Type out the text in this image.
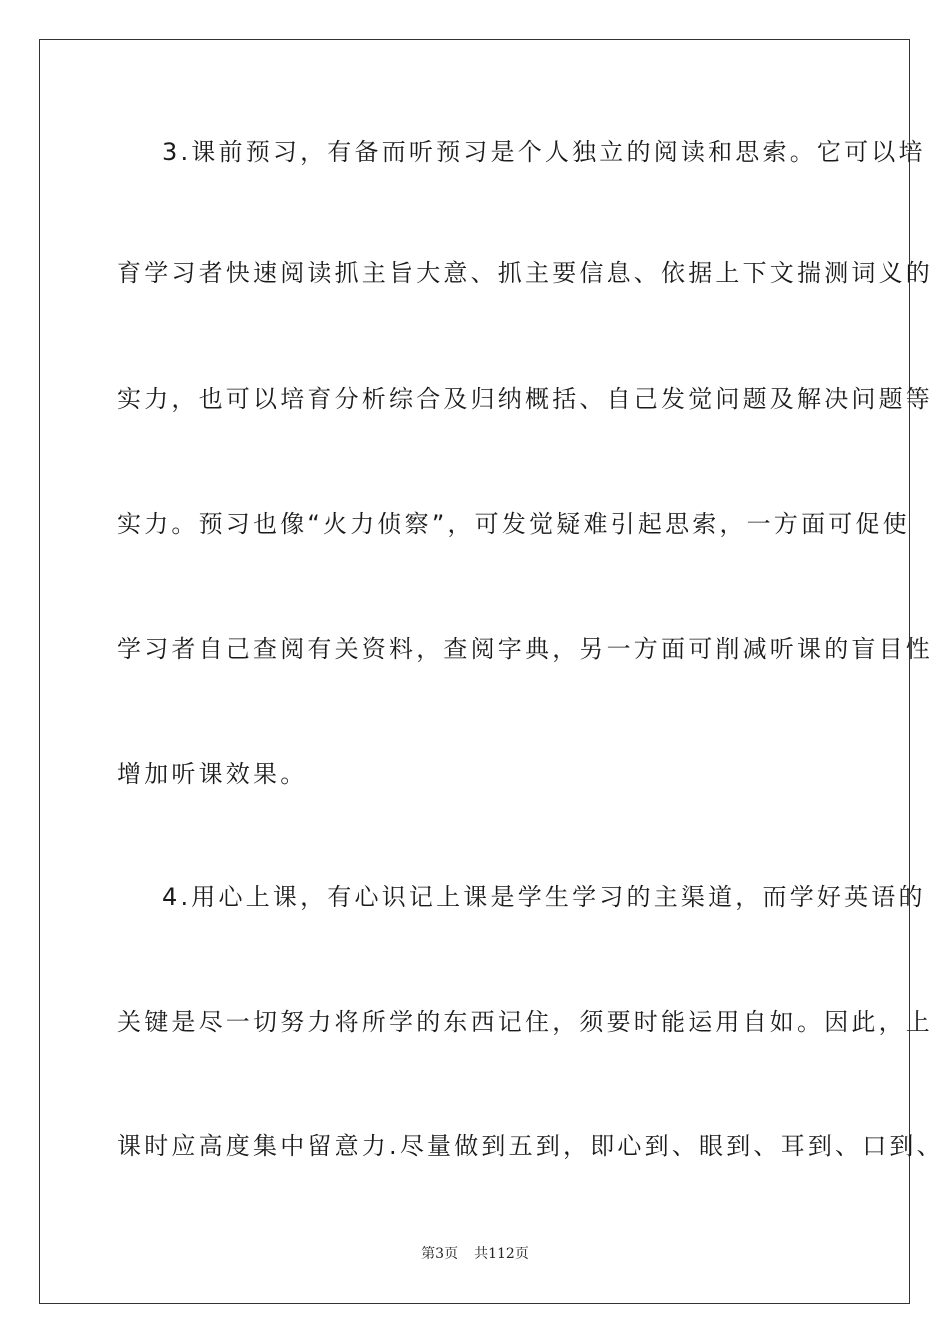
3.课前预习，有备而听预习是个人独立的阅读和思索。它可以培
育学习者快速阅读抓主旨大意、抓主要信息、依据上下文揣测词义的
实力，也可以培育分析综合及归纳概括、自己发觉问题及解决问题等
实力。预习也像“火力侦察”，可发觉疑难引起思索，一方面可促使
学习者自己查阅有关资料，查阅字典，另一方面可削减听课的盲目性
增加听课效果。
4.用心上课，有心识记上课是学生学习的主渠道，而学好英语的
关键是尽一切努力将所学的东西记住，须要时能运用自如。因此，上
课时应高度集中留意力.尽量做到五到，即心到、眼到、耳到、口到、
第3页 共112页
